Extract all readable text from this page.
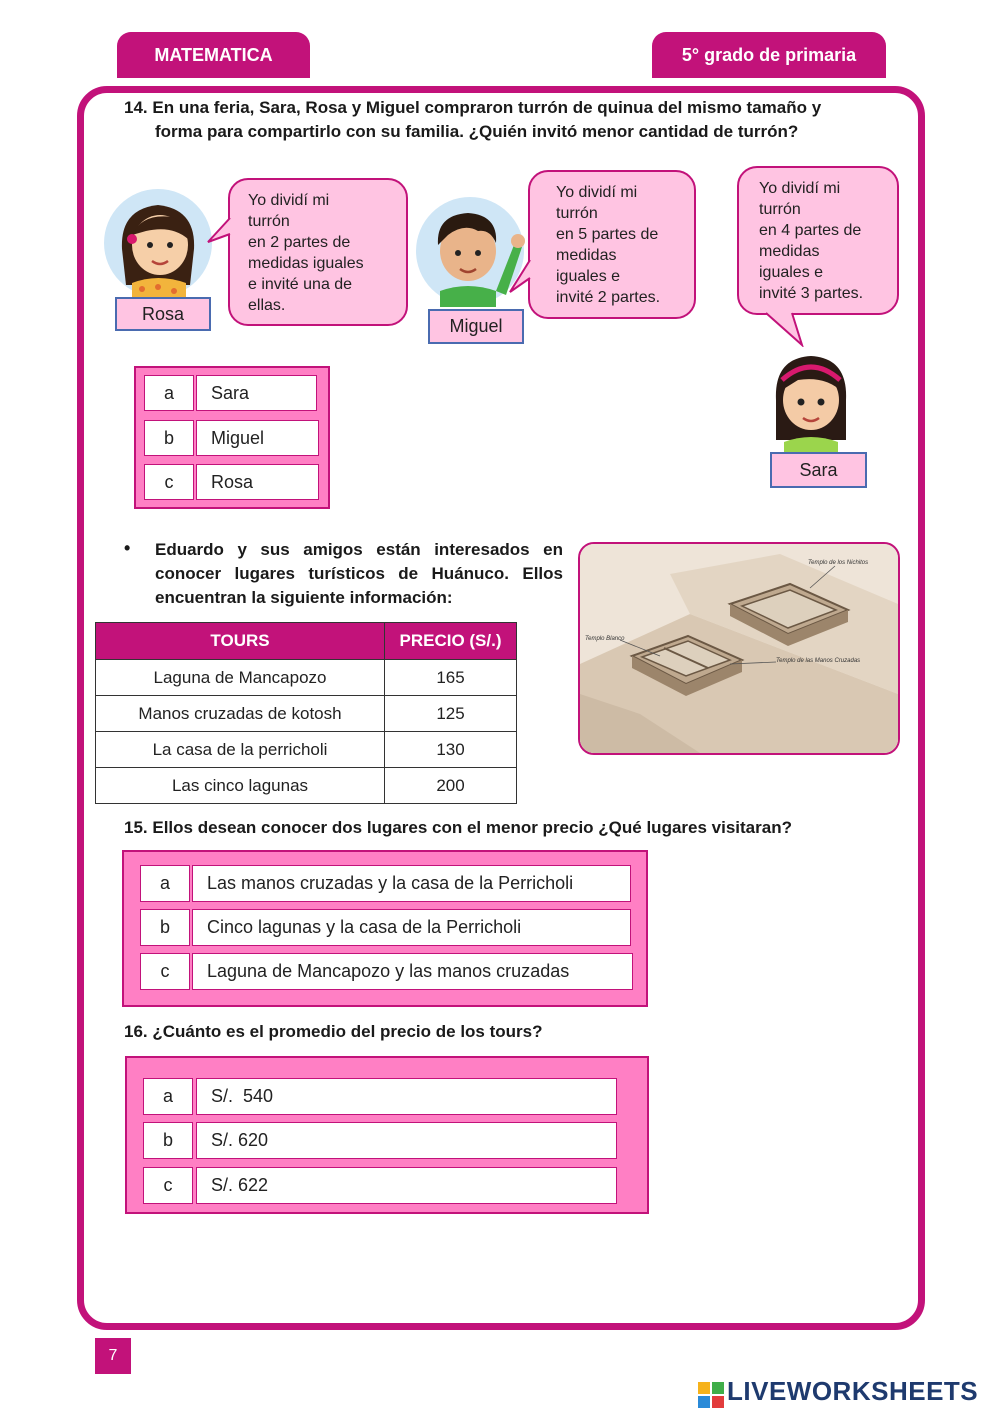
MATEMATICA	5° grado de primaria
14. En una feria, Sara, Rosa y Miguel compraron turrón de quinua del mismo tamaño y
forma para compartirlo con su familia. ¿Quién invitó menor cantidad de turrón?
Rosa
Yo dividí mi
turrón
en 2 partes de
medidas iguales
e invité una de
ellas.
Miguel
Yo dividí mi
turrón
en 5 partes de
medidas
iguales e
invité 2 partes.
Yo dividí mi
turrón
en 4 partes de
medidas
iguales e
invité 3 partes.
Sara
a Sara
b Miguel
c Rosa
• Eduardo y sus amigos están interesados en
conocer lugares turísticos de Huánuco. Ellos
encuentran la siguiente información:
TOURS	PRECIO (S/.)
Laguna de Mancapozo	165
Manos cruzadas de kotosh	125
La casa de la perricholi	130
Las cinco lagunas	200
Templo de los Nichitos
Templo Blanco
Templo de las Manos Cruzadas
15. Ellos desean conocer dos lugares con el menor precio ¿Qué lugares visitaran?
a Las manos cruzadas y la casa de la Perricholi
b Cinco lagunas y la casa de la Perricholi
c Laguna de Mancapozo y las manos cruzadas
16. ¿Cuánto es el promedio del precio de los tours?
a S/.  540
b S/. 620
c S/. 622
7
LIVEWORKSHEETS
